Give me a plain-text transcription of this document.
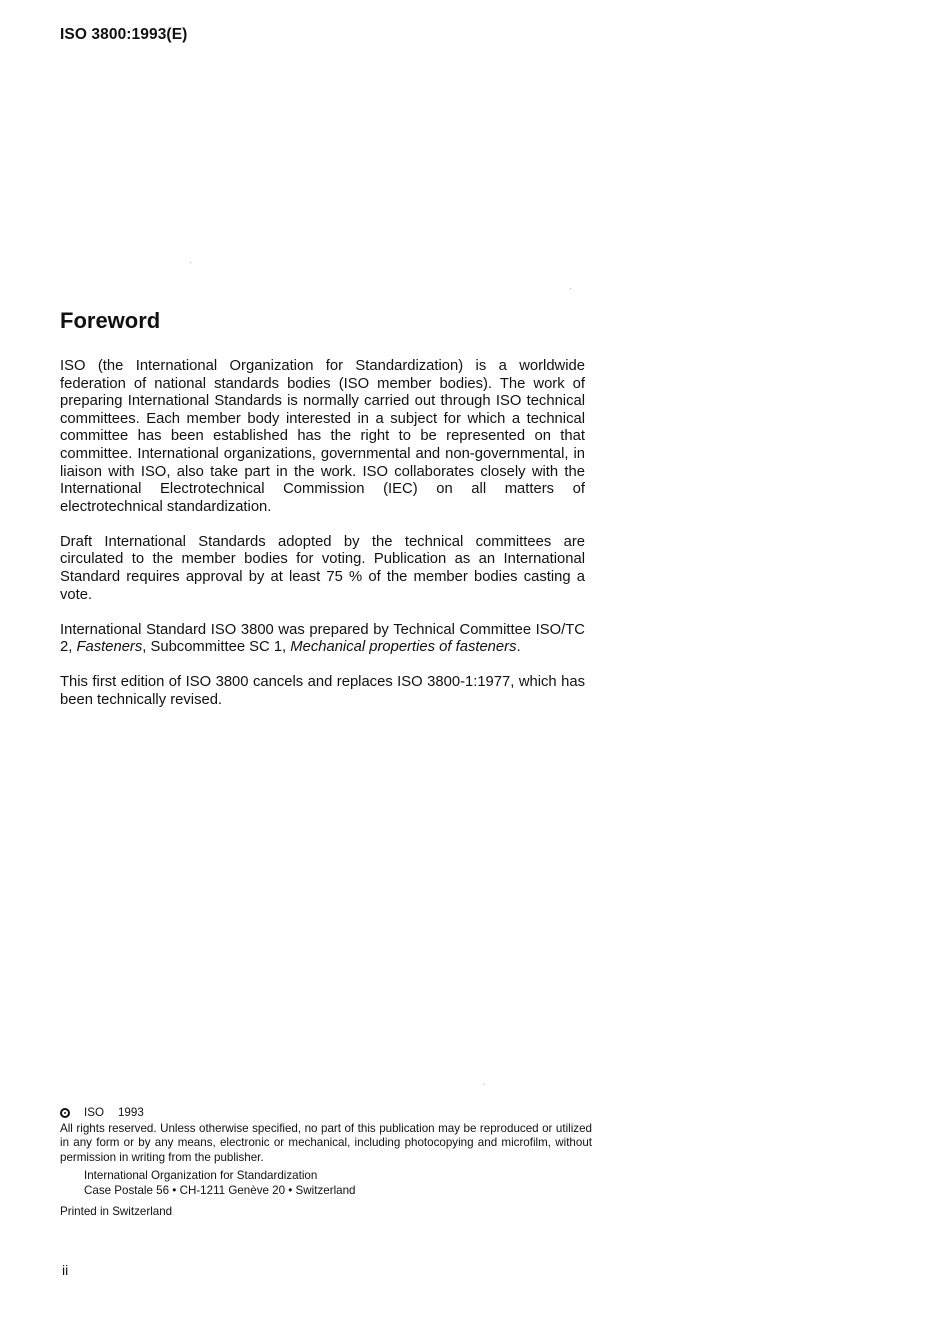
ISO 3800:1993(E)
Foreword

ISO (the International Organization for Standardization) is a worldwide federation of national standards bodies (ISO member bodies). The work of preparing International Standards is normally carried out through ISO technical committees. Each member body interested in a subject for which a technical committee has been established has the right to be represented on that committee. International organizations, governmental and non-governmental, in liaison with ISO, also take part in the work. ISO collaborates closely with the International Electrotechnical Commission (IEC) on all matters of electrotechnical standardization.

Draft International Standards adopted by the technical committees are circulated to the member bodies for voting. Publication as an International Standard requires approval by at least 75 % of the member bodies casting a vote.

International Standard ISO 3800 was prepared by Technical Committee ISO/TC 2, Fasteners, Subcommittee SC 1, Mechanical properties of fasteners.

This first edition of ISO 3800 cancels and replaces ISO 3800-1:1977, which has been technically revised.

ISO 1993

All rights reserved. Unless otherwise specified, no part of this publication may be reproduced or utilized in any form or by any means, electronic or mechanical, including photocopying and microfilm, without permission in writing from the publisher.

International Organization for Standardization
Case Postale 56 • CH-1211 Genève 20 • Switzerland
Printed in Switzerland
ii
